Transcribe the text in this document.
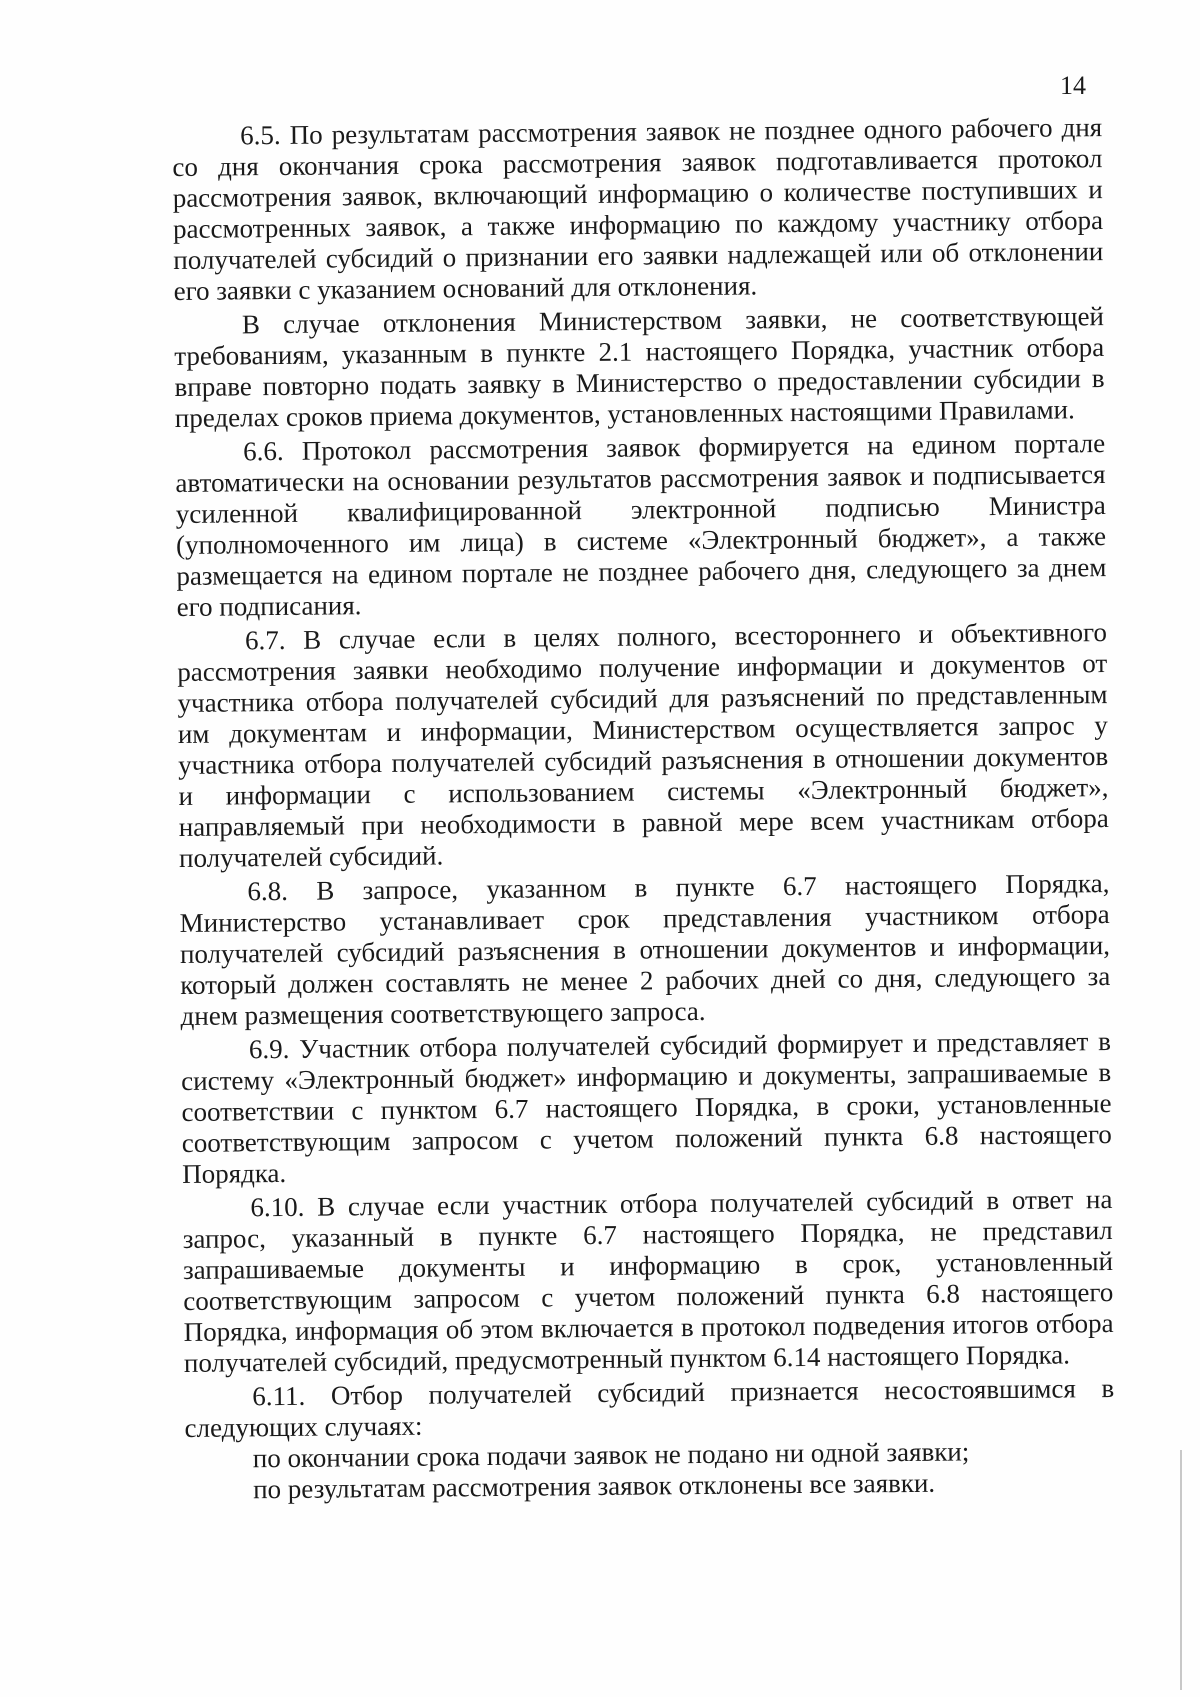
14

6.5. По результатам рассмотрения заявок не позднее одного рабочего дня со дня окончания срока рассмотрения заявок подготавливается протокол рассмотрения заявок, включающий информацию о количестве поступивших и рассмотренных заявок, а также информацию по каждому участнику отбора получателей субсидий о признании его заявки надлежащей или об отклонении его заявки с указанием оснований для отклонения.

В случае отклонения Министерством заявки, не соответствующей требованиям, указанным в пункте 2.1 настоящего Порядка, участник отбора вправе повторно подать заявку в Министерство о предоставлении субсидии в пределах сроков приема документов, установленных настоящими Правилами.

6.6. Протокол рассмотрения заявок формируется на едином портале автоматически на основании результатов рассмотрения заявок и подписывается усиленной квалифицированной электронной подписью Министра (уполномоченного им лица) в системе «Электронный бюджет», а также размещается на едином портале не позднее рабочего дня, следующего за днем его подписания.

6.7. В случае если в целях полного, всестороннего и объективного рассмотрения заявки необходимо получение информации и документов от участника отбора получателей субсидий для разъяснений по представленным им документам и информации, Министерством осуществляется запрос у участника отбора получателей субсидий разъяснения в отношении документов и информации с использованием системы «Электронный бюджет», направляемый при необходимости в равной мере всем участникам отбора получателей субсидий.

6.8. В запросе, указанном в пункте 6.7 настоящего Порядка, Министерство устанавливает срок представления участником отбора получателей субсидий разъяснения в отношении документов и информации, который должен составлять не менее 2 рабочих дней со дня, следующего за днем размещения соответствующего запроса.

6.9. Участник отбора получателей субсидий формирует и представляет в систему «Электронный бюджет» информацию и документы, запрашиваемые в соответствии с пунктом 6.7 настоящего Порядка, в сроки, установленные соответствующим запросом с учетом положений пункта 6.8 настоящего Порядка.

6.10. В случае если участник отбора получателей субсидий в ответ на запрос, указанный в пункте 6.7 настоящего Порядка, не представил запрашиваемые документы и информацию в срок, установленный соответствующим запросом с учетом положений пункта 6.8 настоящего Порядка, информация об этом включается в протокол подведения итогов отбора получателей субсидий, предусмотренный пунктом 6.14 настоящего Порядка.

6.11. Отбор получателей субсидий признается несостоявшимся в следующих случаях:

по окончании срока подачи заявок не подано ни одной заявки;

по результатам рассмотрения заявок отклонены все заявки.
